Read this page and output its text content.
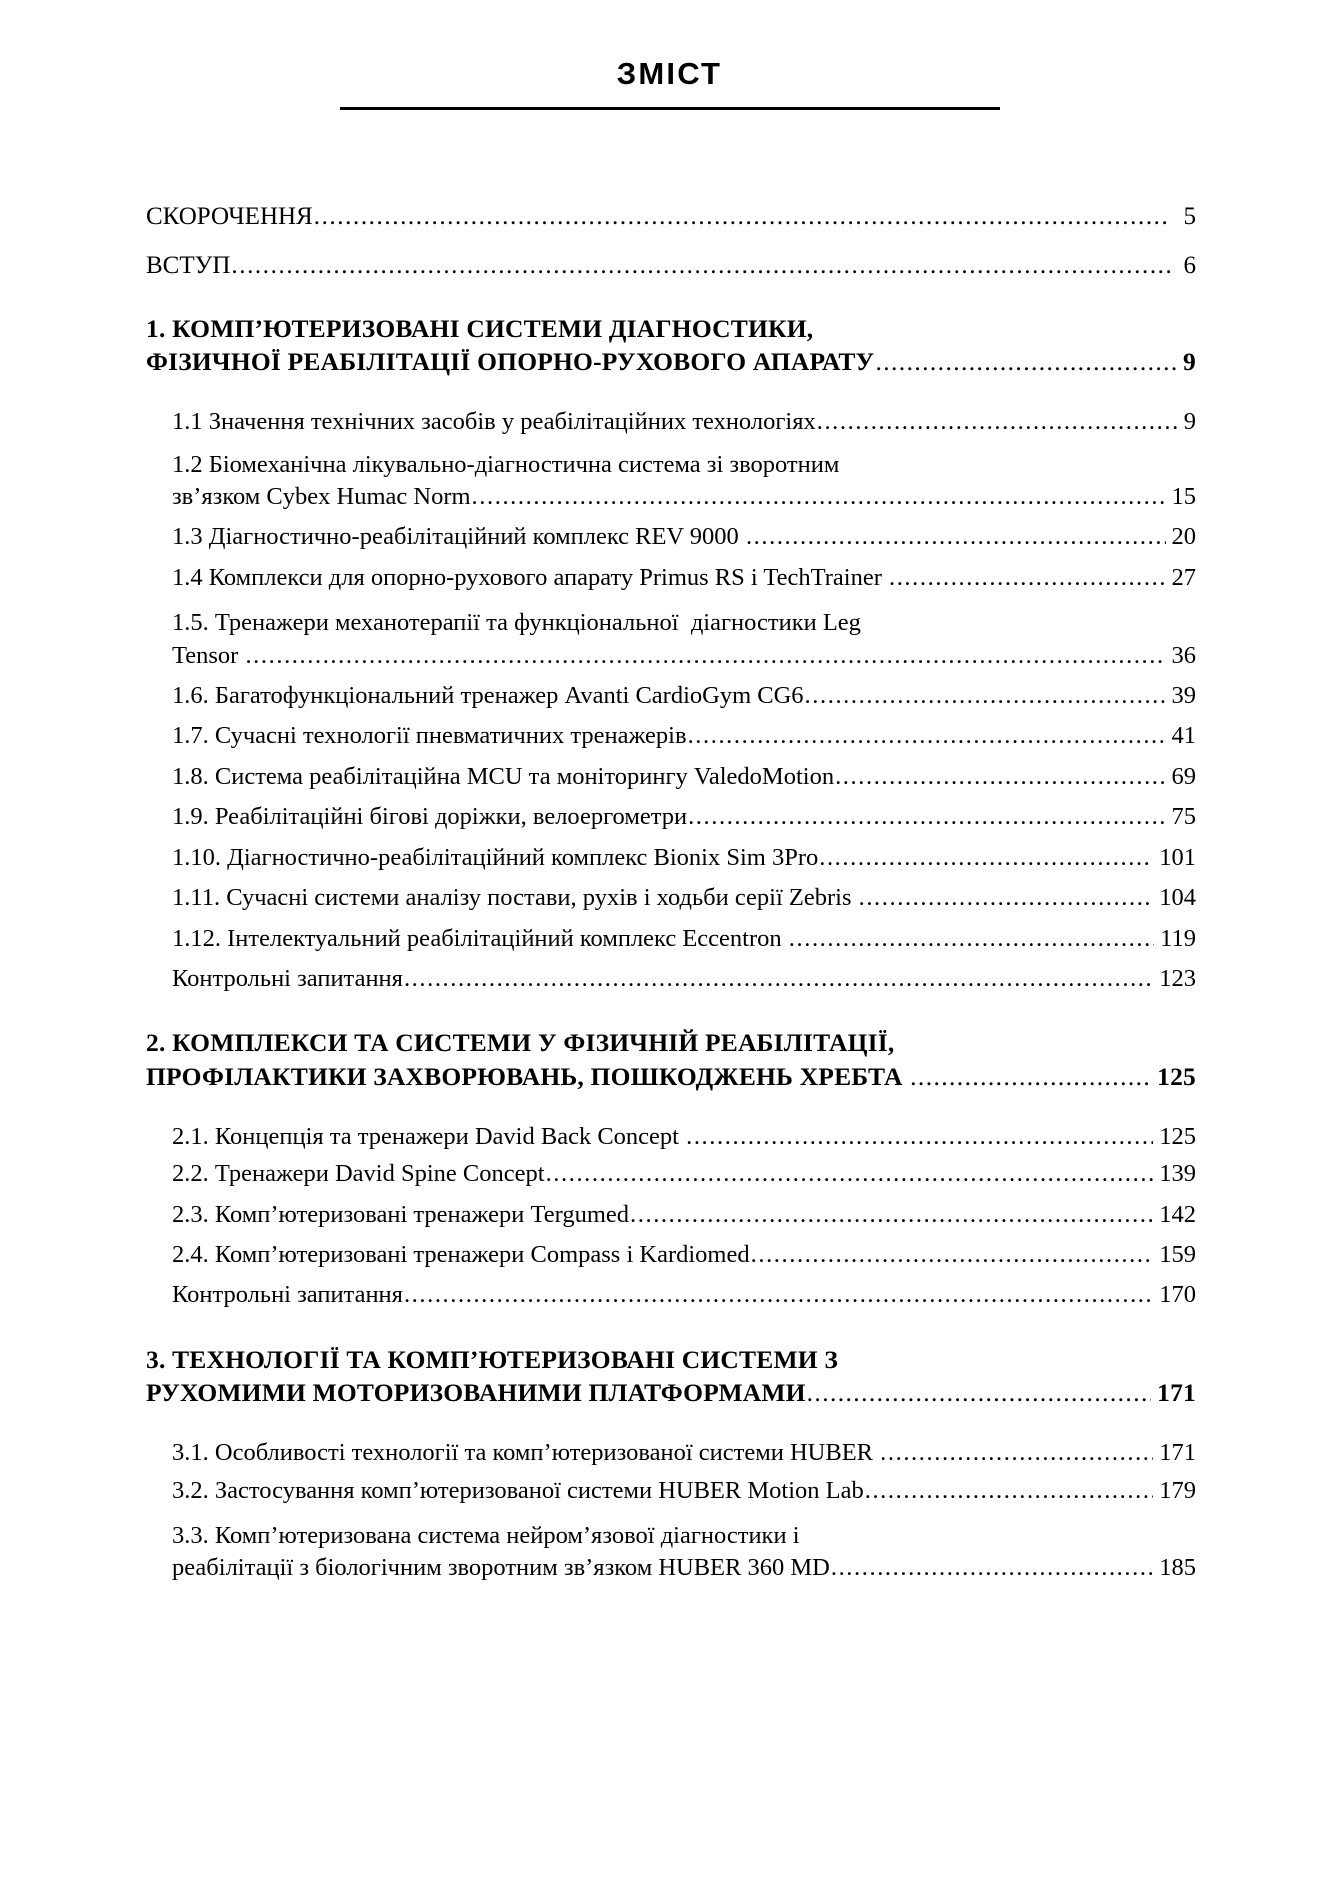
ЗМІСТ
СКОРОЧЕННЯ .....	5
ВСТУП .....	6
1. КОМП’ЮТЕРИЗОВАНІ СИСТЕМИ ДІАГНОСТИКИ,
ФІЗИЧНОЇ РЕАБІЛІТАЦІЇ ОПОРНО-РУХОВОГО АПАРАТУ .....	9
1.1 Значення технічних засобів у реабілітаційних технологіях .....	9
1.2 Біомеханічна лікувально-діагностична система зі зворотним
зв’язком Cybex Humac Norm .....	15
1.3 Діагностично-реабілітаційний комплекс REV 9000 .....	20
1.4 Комплекси для опорно-рухового апарату Primus RS i TechTrainer .....	27
1.5. Тренажери механотерапії та функціональної  діагностики Leg
Tensor .....	36
1.6. Багатофункціональний тренажер Avanti CardioGym CG6 .....	39
1.7. Сучасні технології пневматичних тренажерів .....	41
1.8. Система реабілітаційна MCU та моніторингу ValedoMotion .....	69
1.9. Реабілітаційні бігові доріжки, велоергометри .....	75
1.10. Діагностично-реабілітаційний комплекс Bionix Sim 3Pro .....	101
1.11. Сучасні системи аналізу постави, рухів і ходьби серії Zebris .....	104
1.12. Інтелектуальний реабілітаційний комплекс Eccentron .....	119
Контрольні запитання .....	123
2. КОМПЛЕКСИ ТА СИСТЕМИ У ФІЗИЧНІЙ РЕАБІЛІТАЦІЇ,
ПРОФІЛАКТИКИ ЗАХВОРЮВАНЬ, ПОШКОДЖЕНЬ ХРЕБТА .....	125
2.1. Концепція та тренажери David Back Concept .....	125
2.2. Тренажери David Spine Concept .....	139
2.3. Комп’ютеризовані тренажери Tergumed .....	142
2.4. Комп’ютеризовані тренажери Compass i Kardiomed .....	159
Контрольні запитання .....	170
3. ТЕХНОЛОГІЇ ТА КОМП’ЮТЕРИЗОВАНІ СИСТЕМИ З
РУХОМИМИ МОТОРИЗОВАНИМИ ПЛАТФОРМАМИ .....	171
3.1. Особливості технології та комп’ютеризованої системи HUBER .....	171
3.2. Застосування комп’ютеризованої системи HUBER Motion Lab .....	179
3.3. Комп’ютеризована система нейром’язової діагностики і
реабілітації з біологічним зворотним зв’язком HUBER 360 MD .....	185
